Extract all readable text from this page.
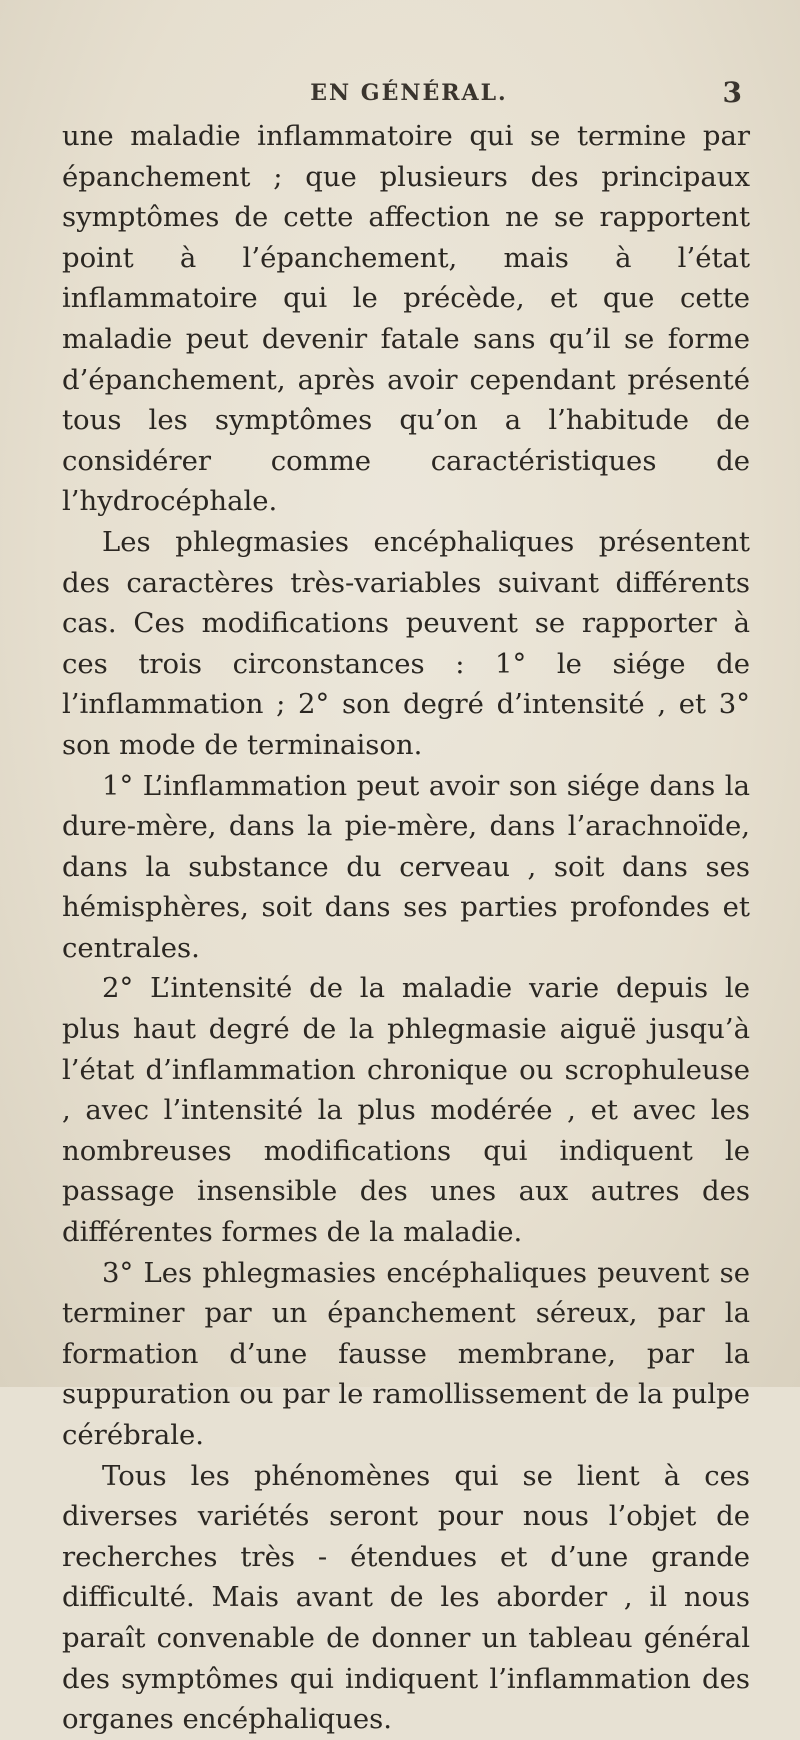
EN GÉNÉRAL.	3

une maladie inflammatoire qui se termine par épanchement ; que plusieurs des principaux symptômes de cette affection ne se rapportent point à l’épanchement, mais à l’état inflammatoire qui le précède, et que cette maladie peut devenir fatale sans qu’il se forme d’épanchement, après avoir cependant présenté tous les symptômes qu’on a l’habitude de considérer comme caractéristiques de l’hydrocéphale.

Les phlegmasies encéphaliques présentent des caractères très-variables suivant différents cas. Ces modifications peuvent se rapporter à ces trois circonstances : 1° le siége de l’inflammation ; 2° son degré d’intensité , et 3° son mode de terminaison.

1° L’inflammation peut avoir son siége dans la dure-mère, dans la pie-mère, dans l’arachnoïde, dans la substance du cerveau , soit dans ses hémisphères, soit dans ses parties profondes et centrales.

2° L’intensité de la maladie varie depuis le plus haut degré de la phlegmasie aiguë jusqu’à l’état d’inflammation chronique ou scrophuleuse , avec l’intensité la plus modérée , et avec les nombreuses modifications qui indiquent le passage insensible des unes aux autres des différentes formes de la maladie.

3° Les phlegmasies encéphaliques peuvent se terminer par un épanchement séreux, par la formation d’une fausse membrane, par la suppuration ou par le ramollissement de la pulpe cérébrale.

Tous les phénomènes qui se lient à ces diverses variétés seront pour nous l’objet de recherches très - étendues et d’une grande difficulté. Mais avant de les aborder , il nous paraît convenable de donner un tableau général des symptômes qui indiquent l’inflammation des organes encéphaliques.
